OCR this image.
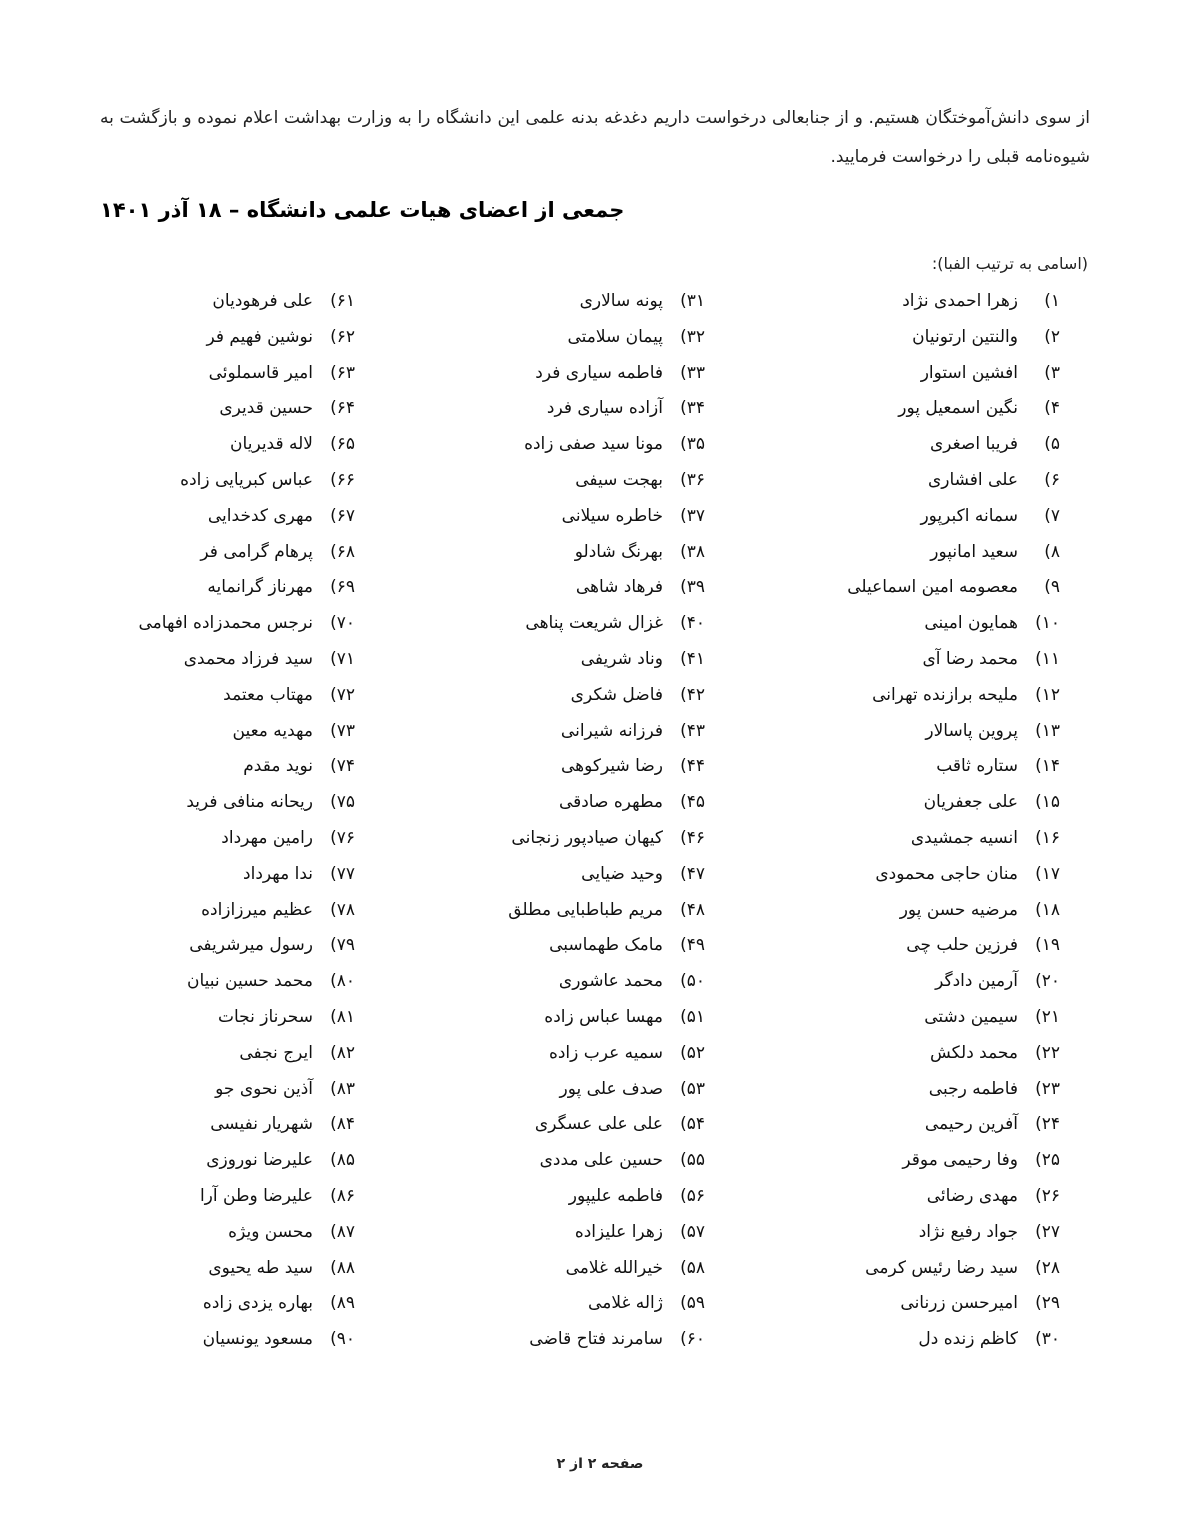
از سوی دانش‌آموختگان هستیم. و از جنابعالی درخواست داریم دغدغه بدنه علمی این دانشگاه را به وزارت بهداشت اعلام نموده و بازگشت به شیوه‌نامه قبلی را درخواست فرمایید.

جمعی از اعضای هیات علمی دانشگاه – ۱۸ آذر ۱۴۰۱
(اسامی به ترتیب الفبا):
۱)زهرا احمدی نژاد
۲)والنتین ارتونیان
۳)افشین استوار
۴)نگین اسمعیل پور
۵)فریبا اصغری
۶)علی افشاری
۷)سمانه اکبرپور
۸)سعید امانپور
۹)معصومه امین اسماعیلی
۱۰)همایون امینی
۱۱)محمد رضا آی
۱۲)ملیحه برازنده تهرانی
۱۳)پروین پاسالار
۱۴)ستاره ثاقب
۱۵)علی جعفریان
۱۶)انسیه جمشیدی
۱۷)منان حاجی محمودی
۱۸)مرضیه حسن پور
۱۹)فرزین حلب چی
۲۰)آرمین دادگر
۲۱)سیمین دشتی
۲۲)محمد دلکش
۲۳)فاطمه رجبی
۲۴)آفرین رحیمی
۲۵)وفا رحیمی موقر
۲۶)مهدی رضائی
۲۷)جواد رفیع نژاد
۲۸)سید رضا رئیس کرمی
۲۹)امیرحسن زرنانی
۳۰)کاظم زنده دل
۳۱)پونه سالاری
۳۲)پیمان سلامتی
۳۳)فاطمه سیاری فرد
۳۴)آزاده سیاری فرد
۳۵)مونا سید صفی زاده
۳۶)بهجت سیفی
۳۷)خاطره سیلانی
۳۸)بهرنگ شادلو
۳۹)فرهاد شاهی
۴۰)غزال شریعت پناهی
۴۱)وناد شریفی
۴۲)فاضل شکری
۴۳)فرزانه شیرانی
۴۴)رضا شیرکوهی
۴۵)مطهره صادقی
۴۶)کیهان صیادپور زنجانی
۴۷)وحید ضیایی
۴۸)مریم طباطبایی مطلق
۴۹)مامک طهماسبی
۵۰)محمد عاشوری
۵۱)مهسا عباس زاده
۵۲)سمیه عرب زاده
۵۳)صدف علی پور
۵۴)علی علی عسگری
۵۵)حسین علی مددی
۵۶)فاطمه علیپور
۵۷)زهرا علیزاده
۵۸)خیرالله غلامی
۵۹)ژاله غلامی
۶۰)سامرند فتاح قاضی
۶۱)علی فرهودیان
۶۲)نوشین فهیم فر
۶۳)امیر قاسملوئی
۶۴)حسین قدیری
۶۵)لاله قدیریان
۶۶)عباس کبریایی زاده
۶۷)مهری کدخدایی
۶۸)پرهام گرامی فر
۶۹)مهرناز گرانمایه
۷۰)نرجس محمدزاده افهامی
۷۱)سید فرزاد محمدی
۷۲)مهتاب معتمد
۷۳)مهدیه معین
۷۴)نوید مقدم
۷۵)ریحانه منافی فرید
۷۶)رامین مهرداد
۷۷)ندا مهرداد
۷۸)عظیم میرزازاده
۷۹)رسول میرشریفی
۸۰)محمد حسین نبیان
۸۱)سحرناز نجات
۸۲)ایرج نجفی
۸۳)آذین نحوی جو
۸۴)شهریار نفیسی
۸۵)علیرضا نوروزی
۸۶)علیرضا وطن آرا
۸۷)محسن ویژه
۸۸)سید طه یحیوی
۸۹)بهاره یزدی زاده
۹۰)مسعود یونسیان
صفحه ۲ از ۲
